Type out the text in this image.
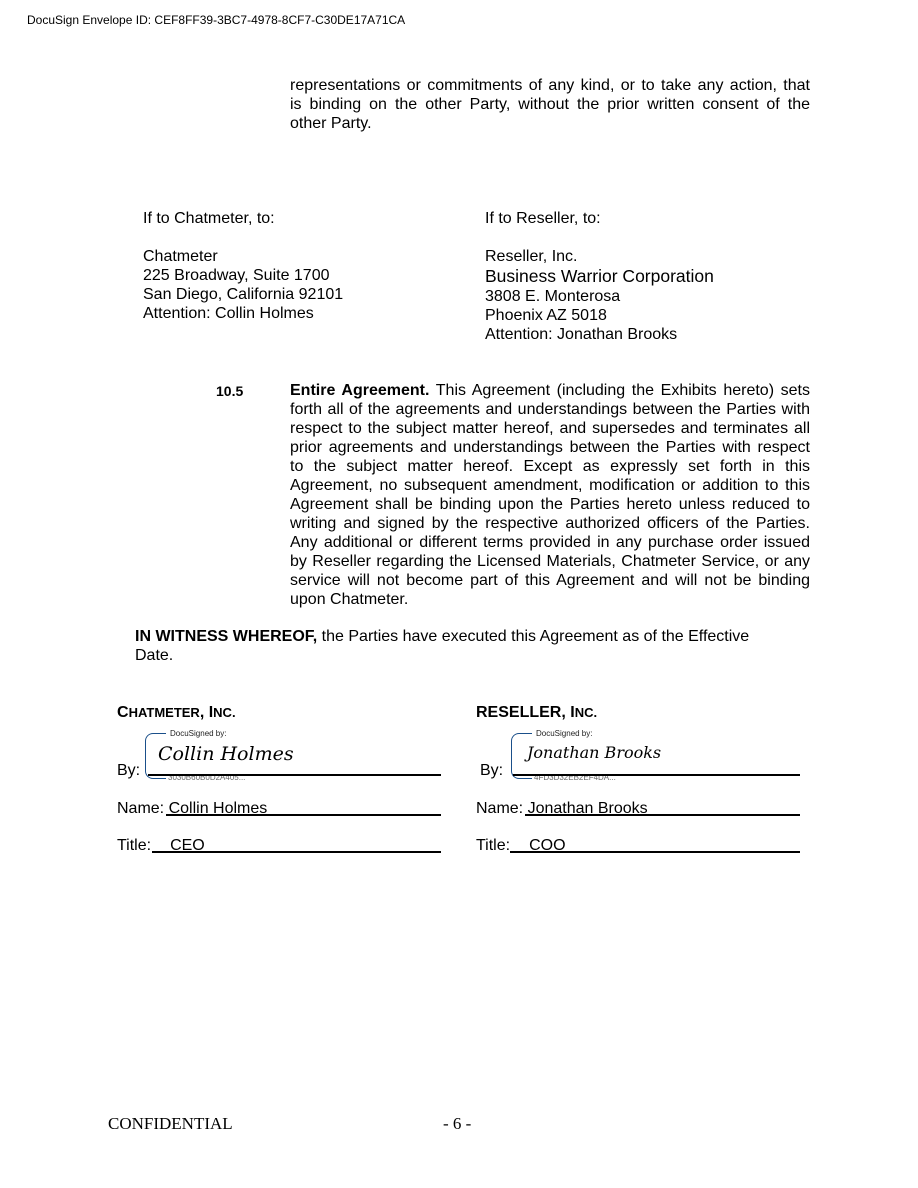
DocuSign Envelope ID: CEF8FF39-3BC7-4978-8CF7-C30DE17A71CA
representations or commitments of any kind, or to take any action, that
is binding on the other Party, without the prior written consent of the
other Party.
If to Chatmeter, to:
Chatmeter
225 Broadway, Suite 1700
San Diego, California 92101
Attention: Collin Holmes
If to Reseller, to:
Reseller, Inc.
Business Warrior Corporation
3808 E. Monterosa
Phoenix AZ 5018
Attention: Jonathan Brooks
10.5	Entire Agreement. This Agreement (including the Exhibits hereto) sets
forth all of the agreements and understandings between the Parties with
respect to the subject matter hereof, and supersedes and terminates all
prior agreements and understandings between the Parties with respect
to the subject matter hereof. Except as expressly set forth in this
Agreement, no subsequent amendment, modification or addition to this
Agreement shall be binding upon the Parties hereto unless reduced to
writing and signed by the respective authorized officers of the Parties.
Any additional or different terms provided in any purchase order issued
by Reseller regarding the Licensed Materials, Chatmeter Service, or any
service will not become part of this Agreement and will not be binding
upon Chatmeter.
IN WITNESS WHEREOF, the Parties have executed this Agreement as of the Effective
Date.
CHATMETER, INC.
By:
DocuSigned by:
Collin Holmes
3030B60B0D2A405...
Name: Collin Holmes
Title: CEO
RESELLER, INC.
By:
DocuSigned by:
Jonathan Brooks
4FD3D32EB2EF4DA...
Name: Jonathan Brooks
Title: COO
CONFIDENTIAL	- 6 -
